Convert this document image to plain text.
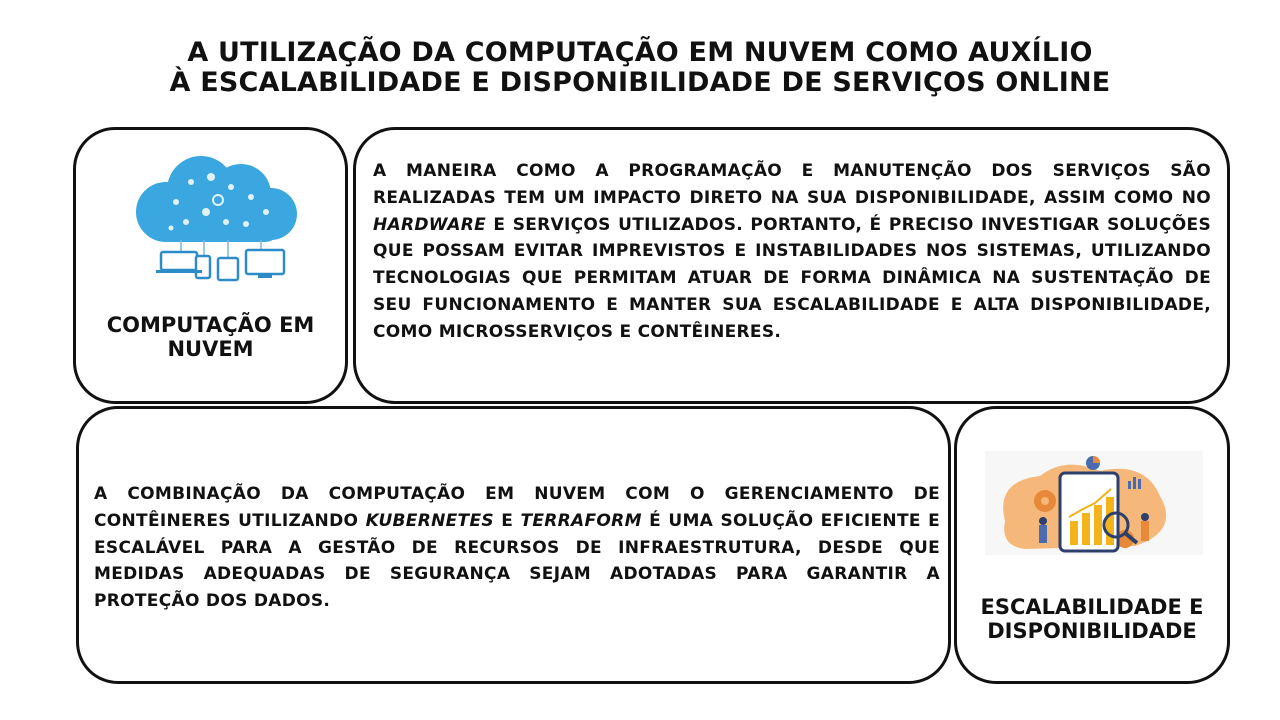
A UTILIZAÇÃO DA COMPUTAÇÃO EM NUVEM COMO AUXÍLIO
À ESCALABILIDADE E DISPONIBILIDADE DE SERVIÇOS ONLINE
COMPUTAÇÃO EM
NUVEM
A MANEIRA COMO A PROGRAMAÇÃO E MANUTENÇÃO DOS SERVIÇOS SÃO REALIZADAS TEM UM IMPACTO DIRETO NA SUA DISPONIBILIDADE, ASSIM COMO NO HARDWARE E SERVIÇOS UTILIZADOS. PORTANTO, É PRECISO INVESTIGAR SOLUÇÕES QUE POSSAM EVITAR IMPREVISTOS E INSTABILIDADES NOS SISTEMAS, UTILIZANDO TECNOLOGIAS QUE PERMITAM ATUAR DE FORMA DINÂMICA NA SUSTENTAÇÃO DE SEU FUNCIONAMENTO E MANTER SUA ESCALABILIDADE E ALTA DISPONIBILIDADE, COMO MICROSSERVIÇOS E CONTÊINERES.
A COMBINAÇÃO DA COMPUTAÇÃO EM NUVEM COM O GERENCIAMENTO DE CONTÊINERES UTILIZANDO KUBERNETES E TERRAFORM É UMA SOLUÇÃO EFICIENTE E ESCALÁVEL PARA A GESTÃO DE RECURSOS DE INFRAESTRUTURA, DESDE QUE MEDIDAS ADEQUADAS DE SEGURANÇA SEJAM ADOTADAS PARA GARANTIR A PROTEÇÃO DOS DADOS.	ESCALABILIDADE E
DISPONIBILIDADE
